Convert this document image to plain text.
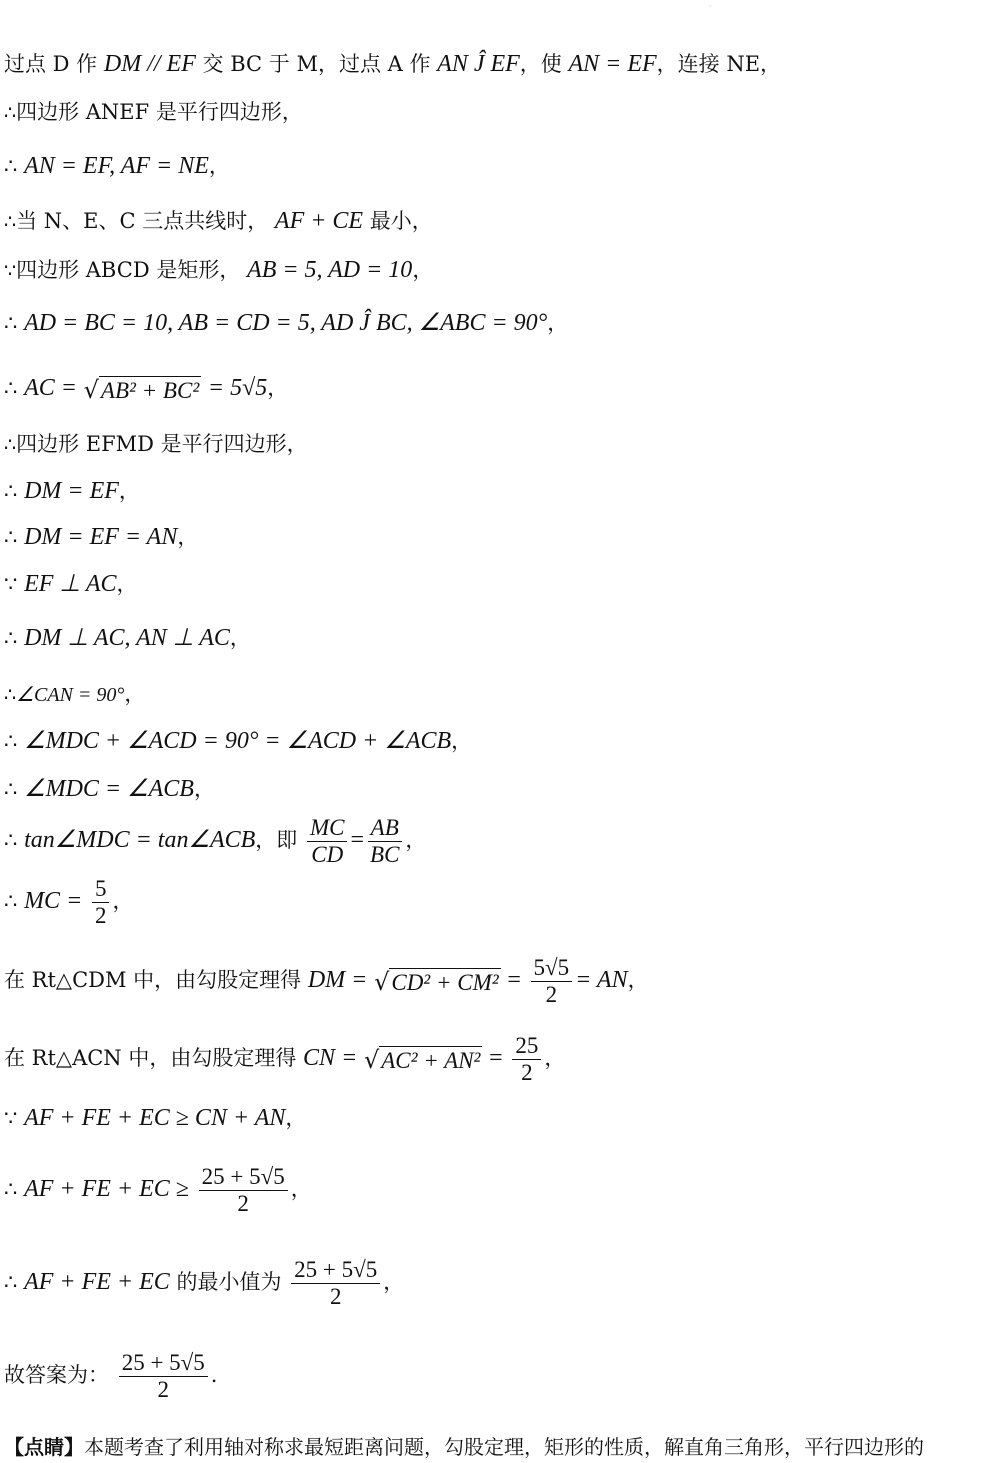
·
过点 D 作 DM // EF 交 BC 于 M，过点 A 作 AN Ĵ EF，使 AN = EF，连接 NE，
∴四边形 ANEF 是平行四边形，
∴ AN = EF, AF = NE，
∴当 N、E、C 三点共线时， AF + CE 最小，
∵四边形 ABCD 是矩形， AB = 5, AD = 10，
∴ AD = BC = 10, AB = CD = 5, AD Ĵ BC, ∠ABC = 90°，
∴ AC = √ AB² + BC² = 5√5，
∴四边形 EFMD 是平行四边形，
∴ DM = EF，
∴ DM = EF = AN，
∵ EF ⊥ AC，
∴ DM ⊥ AC, AN ⊥ AC，
∴∠CAN = 90°，
∴ ∠MDC + ∠ACD = 90° = ∠ACD + ∠ACB，
∴ ∠MDC = ∠ACB，
∴ tan∠MDC = tan∠ACB，即 $\frac{MC}{CD} = \frac{AB}{BC}$ ，
∴ MC = $\frac{5}{2}$ ，
在 Rt△CDM 中，由勾股定理得 DM = √ $CD^2 + CM^2 = \frac{5√5}{2}$ = AN，
在 Rt△ACN 中，由勾股定理得 CN = √ $AC^2 + AN^2 = \frac{25}{2}$ ，
∵ AF + FE + EC ≥ CN + AN，
∴ AF + FE + EC ≥ $\frac{25 + 5√5}{2}$ ，
∴ AF + FE + EC 的最小值为 $\frac{25 + 5√5}{2}$ ，
故答案为： $\frac{25 + 5√5}{2}$ .
【点睛】本题考查了利用轴对称求最短距离问题，勾股定理，矩形的性质，解直角三角形，平行四边形的
